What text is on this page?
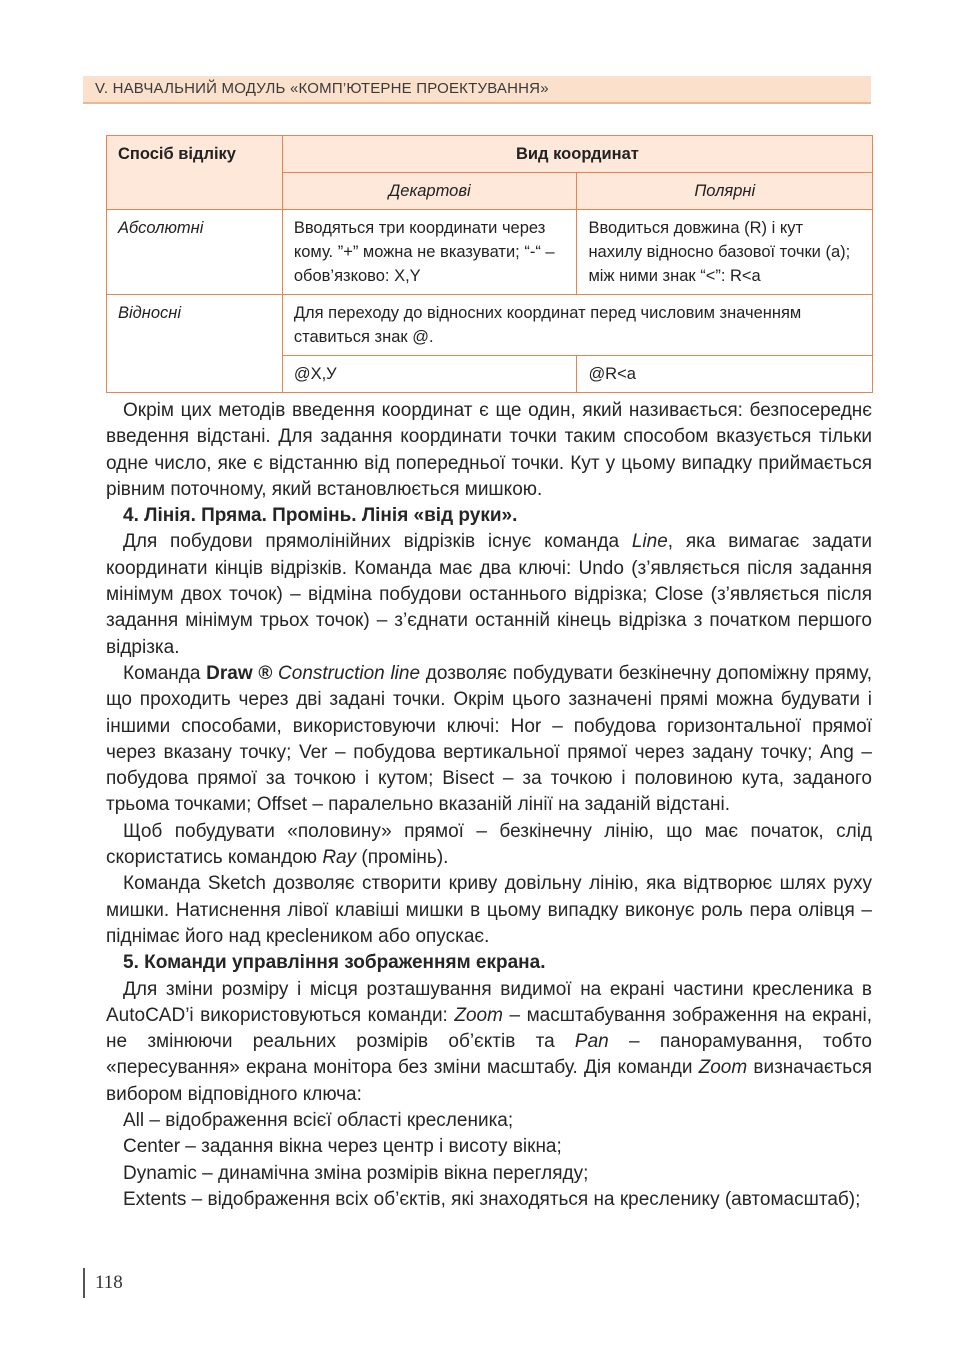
V. НАВЧАЛЬНИЙ МОДУЛЬ «КОМП’ЮТЕРНЕ ПРОЕКТУВАННЯ»
Спосіб відліку	Вид координат	
	Декартові	Полярні
Абсолютні	Вводяться три координати через кому. ”+” можна не вказувати; “-“ – обов’язково: X,Y	Вводиться довжина (R) і кут нахилу відносно базової точки (а); між ними знак “<”: R<a
Відносні	Для переходу до відносних координат перед числовим значенням ставиться знак @.	
	@X,У	@R<a

Окрім цих методів введення координат є ще один, який називається: безпосереднє введення відстані. Для задання координати точки таким способом вказується тільки одне число, яке є відстанню від попередньої точки. Кут у цьому випадку приймається рівним поточному, який встановлюється мишкою.

4. Лінія. Пряма. Промінь. Лінія «від руки».

Для побудови прямолінійних відрізків існує команда Line, яка вимагає задати координати кінців відрізків. Команда має два ключі: Undo (з’являється після задання мінімум двох точок) – відміна побудови останнього відрізка; Close (з’являється після задання мінімум трьох точок) – з’єднати останній кінець відрізка з початком першого відрізка.

Команда Draw ® Construction line дозволяє побудувати безкінечну допоміжну пряму, що проходить через дві задані точки. Окрім цього зазначені прямі можна будувати і іншими способами, використовуючи ключі: Hor – побудова горизонтальної прямої через вказану точку; Ver – побудова вертикальної прямої через задану точку; Ang – побудова прямої за точкою і кутом; Bisect – за точкою і половиною кута, заданого трьома точками; Offset – паралельно вказаній лінії на заданій відстані.

Щоб побудувати «половину» прямої – безкінечну лінію, що має початок, слід скористатись командою Ray (промінь).

Команда Sketch дозволяє створити криву довільну лінію, яка відтворює шлях руху мишки. Натиснення лівої клавіші мишки в цьому випадку виконує роль пера олівця – піднімає його над кресleником або опускає.

5. Команди управління зображенням екрана.

Для зміни розміру і місця розташування видимої на екрані частини кресленика в AutoCAD’і використовуються команди: Zoom – масштабування зображення на екрані, не змінюючи реальних розмірів об’єктів та Pan – панорамування, тобто «пересування» екрана монітора без зміни масштабу. Дія команди Zoom визначається вибором відповідного ключа:

All – відображення всієї області кресленика;

Center – задання вікна через центр і висоту вікна;

Dynamic – динамічна зміна розмірів вікна перегляду;

Extents – відображення всіх об’єктів, які знаходяться на кресленику (автомасштаб);

118
